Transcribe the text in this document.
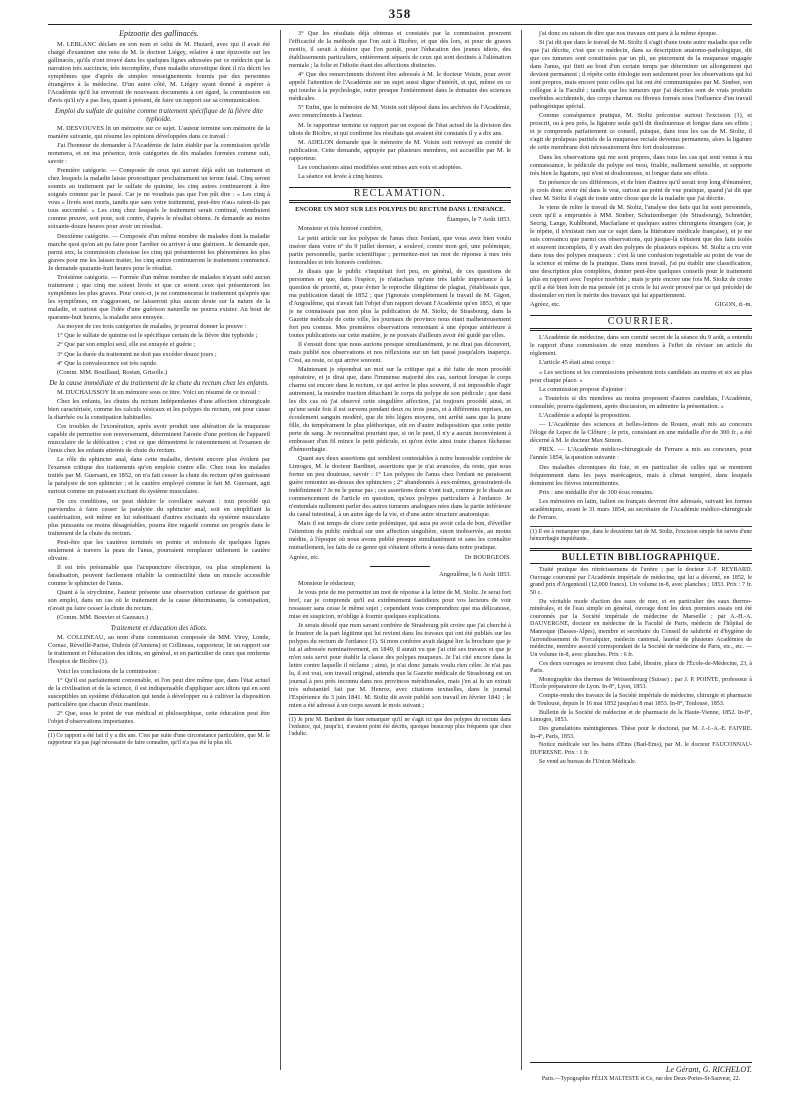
358

Épizootie des gallinacés.

M. LEBLANC déclare en son nom et celui de M. Huzard, avec qui il avait été chargé d'examiner une note de M. le docteur Liégey, relative à une épizootie sur les gallinacés, qu'ils n'ont trouvé dans les quelques lignes adressées par ce médecin que la narration très succincte, très incomplète, d'une maladie enzootique dont il n'a décrit les symptômes que d'après de simples renseignements fournis par des personnes étrangères à la médecine. D'un autre côté, M. Liégey ayant donné à espérer à l'Académie qu'il lui enverrait de nouveaux documents à cet égard, la commission est d'avis qu'il n'y a pas lieu, quant à présent, de faire un rapport sur sa communication.

Emploi du sulfate de quinine comme traitement spécifique de la fièvre dite typhoïde.

M. DESVOUVES lit un mémoire sur ce sujet. L'auteur termine son mémoire de la manière suivante, qui résume les opinions développées dans ce travail :

J'ai l'honneur de demander à l'Académie de faire établir par la commission qu'elle nommera, et en ma présence, trois catégories de dix malades formées comme suit, savoir :

Première catégorie. — Composée de ceux qui auront déjà subi un traitement et chez lesquels la maladie laisse pronostiquer prochainement un terme fatal. Cinq seront soumis au traitement par le sulfate de quinine, les cinq autres continueront à être soignés comme par le passé. Car je ne voudrais pas que l'on pût dire : « Les cinq à vous » livrés sont morts, tandis que sans votre traitement, peut-être n'au» raient-ils pas tous succombé. » Les cinq chez lesquels le traitement serait continué, viendraient comme preuve, soit pour, soit contre, d'après le résultat obtenu. Je demande au moins soixante-douze heures pour avoir un résultat.

Deuxième catégorie. — Composée d'un même nombre de malades dont la maladie marche quoi qu'on ait pu faire pour l'arrêter ou arriver à une guérison. Je demande que, parmi eux, la commission choisisse les cinq qui présenteront les phénomènes les plus graves pour me les laisser traiter, les cinq autres continueront le traitement commencé. Je demande quarante-huit heures pour le résultat.

Troisième catégorie. — Formée d'un même nombre de malades n'ayant subi aucun traitement ; que cinq me soient livrés et que ce soient ceux qui présenteront les symptômes les plus graves. Pour ceux-ci, je ne commencerai le traitement qu'après que les symptômes, en s'aggravant, ne laisseront plus aucun doute sur la nature de la maladie, et surtout que l'idée d'une guérison naturelle ne pourra exister. Au bout de quarante-huit heures, la maladie sera enrayée.

Au moyen de ces trois catégories de malades, je pourrai donner la preuve :

1° Que le sulfate de quinine est le spécifique certain de la fièvre dite typhoïde ;

2° Que par son emploi seul, elle est enrayée et guérie ;

3° Que la durée du traitement ne doit pas excéder douze jours ;

4° Que la convalescence est très rapide.

(Comm. MM. Bouillaud, Rostan, Grisolle.)

De la cause immédiate et du traitement de la chute du rectum chez les enfants.

M. DUCHAUSSOY lit un mémoire sous ce titre. Voici un résumé de ce travail :

Chez les enfants, les chutes du rectum indépendantes d'une affection chirurgicale bien caractérisée, comme les calculs vésicaux et les polypes du rectum, ont pour cause la diarrhée ou la constipation habituelles.

Ces troubles de l'exonération, après avoir produit une altération de la muqueuse capable de permettre son renversement, déterminent l'atonie d'une portion de l'appareil musculaire de la défécation ; c'est ce que démontrent le raisonnement et l'examen de l'anus chez les enfants atteints de chute du rectum.

Le rôle du sphincter anal, dans cette maladie, devient encore plus évident par l'examen critique des traitements qu'on emploie contre elle. Chez tous les malades traités par M. Guersant, en 1852, on n'a fait cesser la chute du rectum qu'en guérissant la paralysie de son sphincter ; et le cautère employé comme le fait M. Guersant, agit surtout comme un puissant excitant du système musculaire.

De ces conditions, on peut déduire le corollaire suivant : tout procédé qui parviendra à faire cesser la paralysie du sphincter anal, soit en simplifiant la cautérisation, soit même en lui substituant d'autres excitants du système musculaire plus puissants ou moins désagréables, pourra être regardé comme un progrès dans le traitement de la chute du rectum.

Peut-être que les cautères terminés en pointe et enfoncés de quelques lignes seulement à travers la peau de l'anus, pourraient remplacer utilement le cautère olivaire.

Il est très présumable que l'acupuncture électrique, ou plus simplement la faradisation, peuvent facilement rétablir la contractilité dans un muscle accessible comme le sphincter de l'anus.

Quant à la strychnine, l'auteur présente une observation curieuse de guérison par son emploi, dans un cas où le traitement de la cause déterminante, la constipation, n'avait pu faire cesser la chute du rectum.

(Comm. MM. Bouvier et Gazeaux.)

Traitement et éducation des idiots.

M. COLLINEAU, au nom d'une commission composée de MM. Virey, Londe, Cornac, Réveillé-Parise, Dubois (d'Amiens) et Collineau, rapporteur, lit un rapport sur le traitement et l'éducation des idiots, en général, et en particulier de ceux que renferme l'hospice de Bicêtre (1).

Voici les conclusions de la commission :

1° Qu'il est parfaitement convenable, et l'on peut dire même que, dans l'état actuel de la civilisation et de la science, il est indispensable d'appliquer aux idiots qui en sont susceptibles un système d'éducation qui tende à développer ou à cultiver la disposition particulière que chacun d'eux manifeste.

2° Que, sous le point de vue médical et philosophique, cette éducation peut être l'objet d'observations importantes.

(1) Ce rapport a été fait il y a dix ans. C'est par suite d'une circonstance particulière, que M. le rapporteur n'a pas jugé nécessaire de faire connaître, qu'il n'a pas été lu plus tôt.

3° Que les résultats déjà obtenus et constatés par la commission prouvent l'efficacité de la méthode que l'on suit à Bicêtre, et que dès lors, et pour de graves motifs, il serait à désirer que l'on portât, pour l'éducation des jeunes idiots, des établissements particuliers, entièrement séparés de ceux qui sont destinés à l'aliénation mentale ; la folie et l'idiotie étant des affections distinctes.

4° Que des remerciments doivent être adressés à M. le docteur Voisin, pour avoir appelé l'attention de l'Académie sur un sujet aussi digne d'intérêt, et qui, même en ce qui touche à la psychologie, outre presque l'entièrement dans le domaine des sciences médicales.

5° Enfin, que le mémoire de M. Voisin soit déposé dans les archives de l'Académie, avec remercîments à l'auteur.

M. le rapporteur termine ce rapport par un exposé de l'état actuel de la division des idiots de Bicêtre, et qui confirme les résultats qui avaient été constatés il y a dix ans.

M. ADELON demande que le mémoire de M. Voisin soit renvoyé au comité de publication. Cette demande, appuyée par plusieurs membres, est accueillie par M. le rapporteur.

Les conclusions ainsi modifiées sont mises aux voix et adoptées.

La séance est levée à cinq heures.

RÉCLAMATION.

ENCORE UN MOT SUR LES POLYPES DU RECTUM DANS L'ENFANCE.

Étampes, le 7 Août 1853.

Monsieur et très honoré confrère,

Le petit article sur les polypes de l'anus chez l'enfant, que vous avez bien voulu insérer dans votre nº du 9 juillet dernier, a soulevé, contre mon gré, une polémique, partie personnelle, partie scientifique ; permettez-moi un mot de réponse à mes très honorables et très honorés confrères.

Je disais que le public s'inquiétait fort peu, en général, de ces questions de personnes et que, dans l'espèce, je n'attachais qu'une très faible importance à la question de priorité, et, pour éviter le reproche illégitime de plagiat, j'établissais que, ma publication datait de 1852 ; que j'ignorais complètement le travail de M. Gigon, d'Angoulême, qui n'avait fait l'objet d'un rapport devant l'Académie qu'en 1853, et que je ne connaissais pas non plus la publication de M. Stoltz, de Strasbourg, dans la Gazette médicale de cette ville, les journaux de province nous étant malheureusement fort peu connus. Mes premières observations remontant à une époque antérieure à toutes publications sur cette matière, je ne pouvais d'ailleurs avoir été guidé par elles.

Il s'ensuit donc que nous aurions presque simultanément, je ne dirai pas découvert, mais publié nos observations et nos réflexions sur un fait passé jusqu'alors inaperçu. C'est, au reste, ce qui arrive souvent.

Maintenant je répondrai un mot sur la critique qui a été faite de mon procédé opératoire, et je dirai que, dans l'immense majorité des cas, surtout lorsque le corps charnu est encore dans le rectum, ce qui arrive le plus souvent, il est impossible d'agir autrement, la moindre traction détachant le corps du polype de son pédicule ; que dans les dix cas où j'ai observé cette singulière affection, j'ai toujours procédé ainsi, et qu'une seule fois il est survenu pendant deux ou trois jours, et à différentes reprises, un écoulement sanguin modéré, que de très légers moyens, ont arrêté sans que la jeune fille, du tempérament le plus pléthorique, eût en d'autre indisposition que cette petite perte de sang. Je reconnaîtrai pourtant que, si on le peut, il n'y a aucun inconvénient à embrasser d'un fil mince le petit pédicule, et qu'on évite ainsi toute chance fâcheuse d'hémorrhagie.

Quant aux deux assertions qui semblent contestables à notre honorable confrère de Limoges, M. le docteur Bardinet, assertions que je n'ai avancées, du reste, que sous forme un peu douteuse, savoir : 1° Les polypes de l'anus chez l'enfant ne paraissent guère remonter au-dessus des sphincters ; 2° abandonnés à eux-mêmes, grossiraient-ils indéfiniment ? Je ne le pense pas ; ces assertions donc n'ont trait, comme je le disais au commencement de l'article en question, qu'aux polypes particuliers à l'enfance. Je n'entendais nullement parler des autres tumeurs analogues nées dans la partie inférieure du canal intestinal, à un autre âge de la vie, et d'une autre structure anatomique.

Mais il est temps de clore cette polémique, qui aura pu avoir cela de bon, d'éveiller l'attention du public médical sur une affection singulière, sinon inobservée, au moins inédite, à l'époque où nous avons publié presque simultanément et sans les connaître mutuellement, les faits de ce genre qui s'étaient offerts à nous dans notre pratique.

Agréez, etc.	Dr BOURGEOIS.

Angoulême, le 6 Août 1853.

Monsieur le rédacteur,

Je vous prie de me permettre un mot de réponse à la lettre de M. Stoltz. Je serai fort bref, car je comprends qu'il est extrêmement fastidieux pour vos lecteurs de voir ressasser sans cesse le même sujet ; cependant vous comprendrez que ma délicatesse, mise en suspicion, m'oblige à fournir quelques explications.

Je serais désolé que mon savant confrère de Strasbourg pût croire que j'ai cherché à le frustrer de la part légitime qui lui revient dans les travaux qui ont été publiés sur les polypes du rectum de l'enfance (1). Si mon confrère avait daigné lire la brochure que je lui ai adressée nominativement, en 1849, il aurait vu que j'ai cité ses travaux et que je m'en suis servi pour établir la classe des polypes muqueux. Je l'ai cité encore dans la lettre contre laquelle il réclame ; ainsi, je n'ai donc jamais voulu rien céler. Je n'ai pas lu, il est vrai, son travail original, attendu que la Gazette médicale de Strasbourg est un journal à peu près inconnu dans nos provinces méridionales, mais j'en ai lu un extrait très substantiel fait par M. Henroz, avec citations textuelles, dans le journal l'Expérience du 3 juin 1841. M. Stoltz dit avoir publié son travail en février 1841 ; le mien a été adressé à un corps savant le mois suivant ;

(1) Je prie M. Bardinet de bien remarquer qu'il ne s'agit ici que des polypes du rectum dans l'enfance, qui, jusqu'ici, n'avaient point été décrits, quoique beaucoup plus fréquents que chez l'adulte.

j'ai donc eu raison de dire que nos travaux ont paru à la même époque.

Si j'ai dit que dans le travail de M. Stoltz il s'agit d'une toute autre maladie que celle que j'ai décrite, c'est que ce médecin, dans sa description anatomo-pathologique, dit que ces tumeurs sont constituées par un pli, un pincement de la muqueuse engagée dans l'anus, qui finit au bout d'un certain temps par déterminer un allongement qui devient permanent ; il répète cette étiologie non seulement pour les observations qui lui sont propres, mais encore pour celles qui lui ont été communiquées par M. Stœber, son collègue à la Faculté ; tandis que les tumeurs que j'ai décrites sont de vrais produits morbides accidentels, des corps charnus ou fibreux formés sous l'influence d'un travail pathogénique spécial.

Comme conséquence pratique, M. Stoltz préconise surtout l'excision (1), et proscrit, ou à peu près, la ligature seule qu'il dit douloureuse et longue dans ses effets ; et je comprends parfaitement ce conseil, puisque, dans tous les cas de M. Stoltz, il s'agit de prolapsus partiels de la muqueuse rectale devenus permanens, alors la ligature de cette membrane doit nécessairement être fort douloureuse.

Dans les observations qui me sont propres, dans tous les cas qui sont venus à ma connaissance, le pédicule du polype est mou, friable, nullement sensible, et supporte très bien la ligature, qui n'est ni douloureuse, ni longue dans ses effets.

En présence de ces différences, et de bien d'autres qu'il serait trop long d'énumérer, je crois donc avoir été dans le vrai, surtout au point de vue pratique, quand j'ai dit que chez M. Stoltz il s'agit de toute autre chose que de la maladie que j'ai décrite.

Je viens de relire le travail de M. Stoltz, l'analyse des faits qui lui sont personnels, ceux qu'il a empruntés à MM. Stœber, Schutzenberger (de Strasbourg), Schneider, Secrig, Lange, Kuhlbrand, Macfarlane et quelques autres chirurgiens étrangers (car, je le répète, il n'existait rien sur ce sujet dans la littérature médicale française), et je me suis convaincu que parmi ces observations, qui jusque-là n'étaient que des faits isolés et souvent incomplets, il y avait des polypes de plusieurs espèces. M. Stoltz a cru voir dans tous des polypes muqueux : c'est là une confusion regrettable au point de vue de la science et même de la pratique. Dans mon travail, j'ai pu établir une classification, une description plus complètes, donner peut-être quelques conseils pour le traitement plus en rapport avec l'espèce morbide ; mais je prie encore une fois M. Stoltz de croire qu'il a été bien loin de ma pensée (et je crois le lui avoir prouvé par ce qui précède) de dissimuler en rien le mérite des travaux qui lui appartiennent.

Agréez, etc.	GIGON, d.-m.

COURRIER.

L'Académie de médecine, dans son comité secret de la séance du 9 août, a entendu le rapport d'une commission de onze membres à l'effet de réviser un article du règlement.

L'article 45 était ainsi conçu :

« Les sections et les commissions présentent trois candidats au moins et six au plus pour chaque place. »

La commission propose d'ajouter :

« Toutefois si dix membres au moins proposent d'autres candidats, l'Académie, consultée, pourra également, après discussion, en admettre la présentation. »

L'Académie a adopté la proposition.

— L'Académie des sciences et belles-lettres de Rouen, avait mis au concours l'éloge de Lepec de la Clôture ; le prix, consistant en une médaille d'or de 300 fr., a été décerné à M. le docteur Max Simon.

PRIX. — L'Académie médico-chirurgicale de Ferrare a mis au concours, pour l'année 1854, la question suivante :

Des maladies chroniques du foie, et en particulier de celles qui se montrent fréquemment dans les pays marécageux, mais à climat tempéré, dans lesquels dominent les fièvres intermittentes.

Prix : une médaille d'or de 100 écus romains.

Les mémoires en latin, italien ou français devront être adressés, suivant les formes académiques, avant le 31 mars 1854, au secrétaire de l'Académie médico-chirurgicale de Ferrare.

(1) Il est à remarquer que, dans le deuxième fait de M. Stoltz, l'excision simple fut suivie d'une hémorrhagie inquiétante.

BULLETIN BIBLIOGRAPHIQUE.

Traité pratique des rétrécissemens de l'urètre ; par le docteur J.-F. REYBARD. Ouvrage couronné par l'Académie impériale de médecine, qui lui a décerné, en 1852, le grand prix d'Argenteuil (12,000 francs). Un volume in-8, avec planches ; 1853. Prix : 7 fr. 50 c.

Du véritable mode d'action des eaux de mer, et en particulier des eaux thermo-minérales, et de l'eau simple en général, ouvrage dont les deux premiers essais ont été couronnés par la Société impériale de médecine de Marseille ; par A.-H.-A. DAUVERGNE, docteur en médecine de la Faculté de Paris, médecin de l'hôpital de Manosque (Basses-Alpes), membre et secrétaire du Conseil de salubrité et d'hygiène de l'arrondissement de Forcalquier, médecin cantonal, lauréat de plusieurs Académies de médecine, membre associé correspondant de la Société de médecine de Paris, etc., etc. — Un volume in-8, avec planches. Prix : 6 fr.

Ces deux ouvrages se trouvent chez Labé, libraire, place de l'École-de-Médecine, 23, à Paris.

Monographie des thermes de Weissenbourg (Suisse) ; par J. P. POINTE, professeur à l'École préparatoire de Lyon. In-8°, Lyon, 1853.

Compte-rendu des travaux de la Société impériale de médecine, chirurgie et pharmacie de Toulouse, depuis le 16 mai 1852 jusqu'au 8 mai 1853. In-8°, Toulouse, 1853.

Bulletin de la Société de médecine et de pharmacie de la Haute-Vienne, 1852. In-8°, Limoges, 1853.

Des granulations méningiennes. Thèse pour le doctorat, par M. J.-J.-A.-E. FAIVRE. In-4°, Paris, 1853.

Notice médicale sur les bains d'Ems (Bad-Ems), par M. le docteur FAUCONNAU-DUFRESNE. Prix : 1 fr.

Se vend au bureau de l'Union Médicale.

Le Gérant, G. RICHELOT.
Paris.—Typographie FÉLIX MALTESTE et Ce, rue des Deux-Portes-St-Sauveur, 22.
